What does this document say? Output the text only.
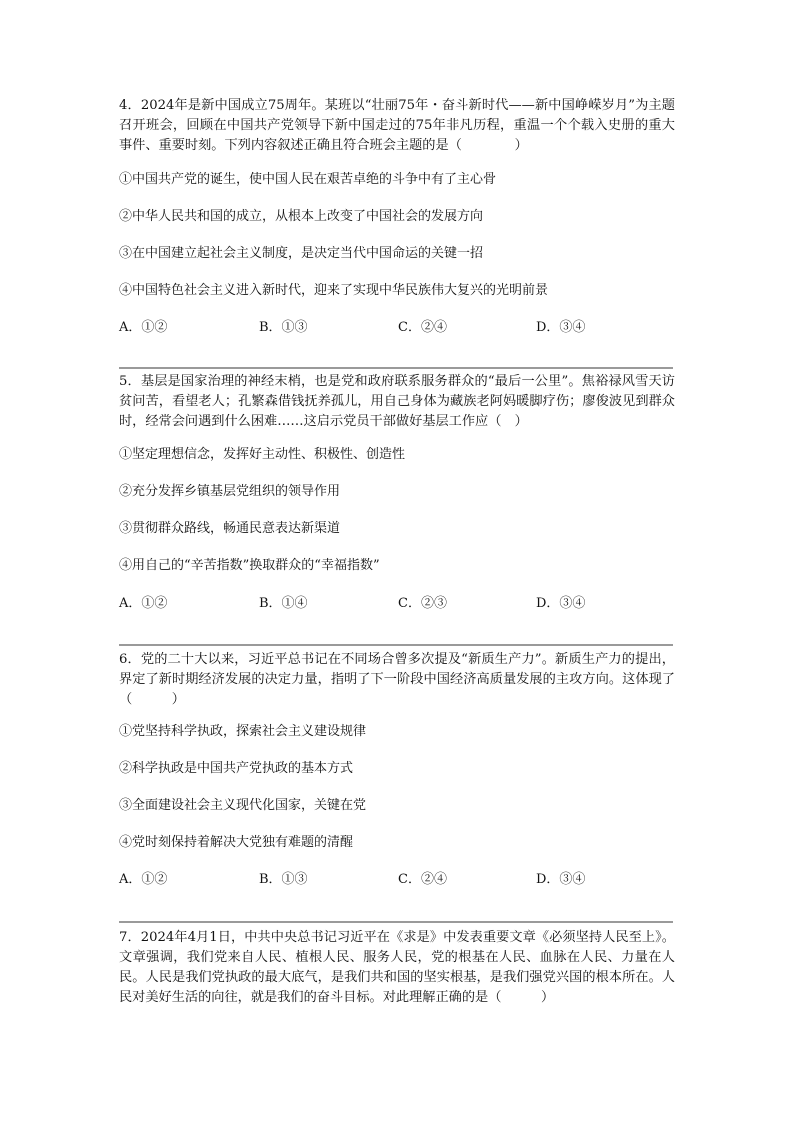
4．2024年是新中国成立75周年。某班以“壮丽75年・奋斗新时代——新中国峥嵘岁月”为主题召开班会，回顾在中国共产党领导下新中国走过的75年非凡历程，重温一个个载入史册的重大事件、重要时刻。下列内容叙述正确且符合班会主题的是（　　　　）

①中国共产党的诞生，使中国人民在艰苦卓绝的斗争中有了主心骨
②中华人民共和国的成立，从根本上改变了中国社会的发展方向
③在中国建立起社会主义制度，是决定当代中国命运的关键一招
④中国特色社会主义进入新时代，迎来了实现中华民族伟大复兴的光明前景
A．①②	B．①③	C．②④	D．③④

5．基层是国家治理的神经末梢，也是党和政府联系服务群众的“最后一公里”。焦裕禄风雪天访贫问苦，看望老人；孔繁森借钱抚养孤儿，用自己身体为藏族老阿妈暖脚疗伤；廖俊波见到群众时，经常会问遇到什么困难……这启示党员干部做好基层工作应（　）

①坚定理想信念，发挥好主动性、积极性、创造性
②充分发挥乡镇基层党组织的领导作用
③贯彻群众路线，畅通民意表达新渠道
④用自己的“辛苦指数”换取群众的“幸福指数”
A．①②	B．①④	C．②③	D．③④

6．党的二十大以来，习近平总书记在不同场合曾多次提及“新质生产力”。新质生产力的提出，界定了新时期经济发展的决定力量，指明了下一阶段中国经济高质量发展的主攻方向。这体现了（　　　）

①党坚持科学执政，探索社会主义建设规律
②科学执政是中国共产党执政的基本方式
③全面建设社会主义现代化国家，关键在党
④党时刻保持着解决大党独有难题的清醒
A．①②	B．①③	C．②④	D．③④

7．2024年4月1日，中共中央总书记习近平在《求是》中发表重要文章《必须坚持人民至上》。文章强调，我们党来自人民、植根人民、服务人民，党的根基在人民、血脉在人民、力量在人民。人民是我们党执政的最大底气，是我们共和国的坚实根基，是我们强党兴国的根本所在。人民对美好生活的向往，就是我们的奋斗目标。对此理解正确的是（　　　）
